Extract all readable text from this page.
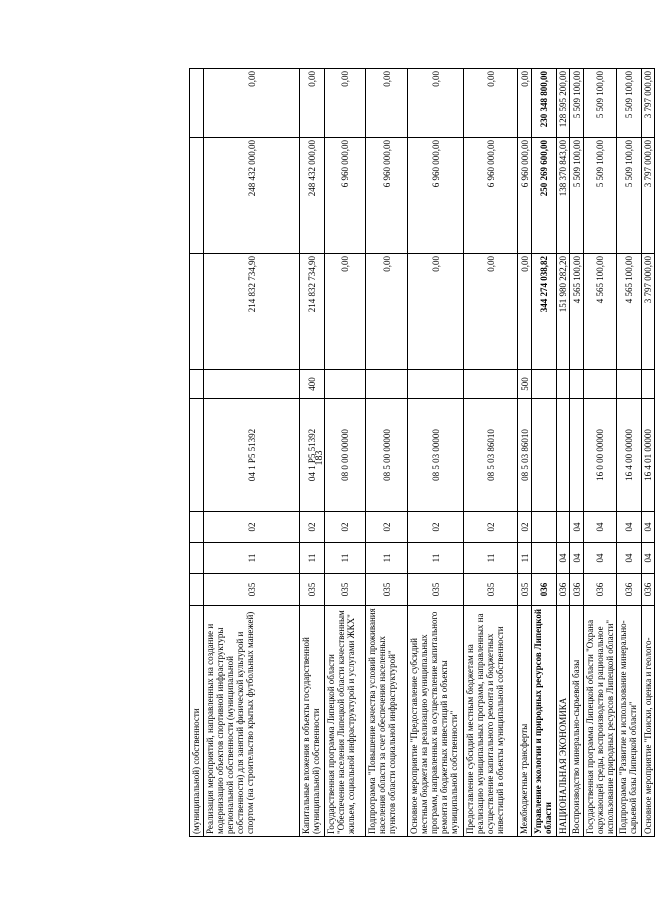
183
(муниципальной) собственности								
Реализация мероприятий, направленных на создание и модернизацию объектов спортивной инфраструктуры региональной собственности (муниципальной собственности) для занятий физической культурой и спортом (на строительство крытых футбольных манежей)	035	11	02	04 1 P5 51392		214 832 734,90	248 432 000,00	0,00
Капитальные вложения в объекты государственной (муниципальной) собственности	035	11	02	04 1 P5 51392	400	214 832 734,90	248 432 000,00	0,00
Государственная программа Липецкой области "Обеспечение населения Липецкой области качественным жильем, социальной инфраструктурой и услугами ЖКХ"	035	11	02	08 0 00 00000		0,00	6 960 000,00	0,00
Подпрограмма "Повышение качества условий проживания населения области за счет обеспечения населенных пунктов области социальной инфраструктурой"	035	11	02	08 5 00 00000		0,00	6 960 000,00	0,00
Основное мероприятие "Предоставление субсидий местным бюджетам на реализацию муниципальных программ, направленных на осуществление капитального ремонта и бюджетных инвестиций в объекты муниципальной собственности"	035	11	02	08 5 03 00000		0,00	6 960 000,00	0,00
Предоставление субсидий местным бюджетам на реализацию муниципальных программ, направленных на осуществление капитального ремонта и бюджетных инвестиций в объекты муниципальной собственности	035	11	02	08 5 03 86010		0,00	6 960 000,00	0,00
Межбюджетные трансферты	035	11	02	08 5 03 86010	500	0,00	6 960 000,00	0,00
Управление экологии и природных ресурсов Липецкой области	036					344 274 038,82	250 269 600,00	230 348 800,00
НАЦИОНАЛЬНАЯ ЭКОНОМИКА	036	04				151 980 282,20	138 370 843,00	128 595 200,00
Воспроизводство минерально-сырьевой базы	036	04	04			4 565 100,00	5 509 100,00	5 509 100,00
Государственная программа Липецкой области "Охрана окружающей среды, воспроизводство и рациональное использование природных ресурсов Липецкой области"	036	04	04	16 0 00 00000		4 565 100,00	5 509 100,00	5 509 100,00
Подпрограмма "Развитие и использование минерально-сырьевой базы Липецкой области"	036	04	04	16 4 00 00000		4 565 100,00	5 509 100,00	5 509 100,00
Основное мероприятие "Поиски, оценка и геолого-	036	04	04	16 4 01 00000		3 797 000,00	3 797 000,00	3 797 000,00
